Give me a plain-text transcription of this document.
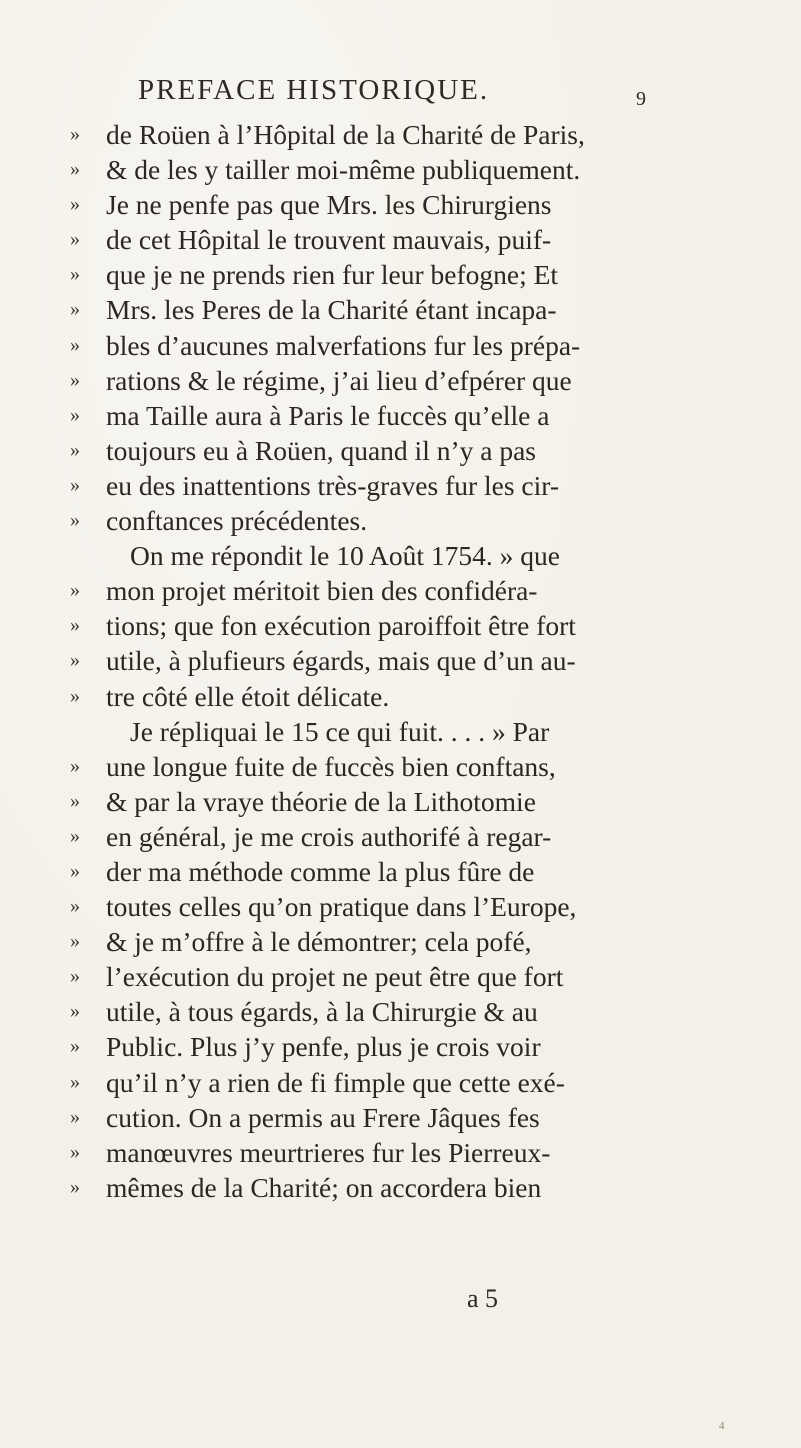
PREFACE HISTORIQUE.	9
» de Roüen à l’Hôpital de la Charité de Paris,
» & de les y tailler moi-même publiquement.
» Je ne penfe pas que Mrs. les Chirurgiens
» de cet Hôpital le trouvent mauvais, puif-
» que je ne prends rien fur leur befogne; Et
» Mrs. les Peres de la Charité étant incapa-
» bles d’aucunes malverfations fur les prépa-
» rations & le régime, j’ai lieu d’efpérer que
» ma Taille aura à Paris le fuccès qu’elle a
» toujours eu à Roüen, quand il n’y a pas
» eu des inattentions très-graves fur les cir-
» conftances précédentes.
On me répondit le 10 Août 1754. » que
» mon projet méritoit bien des confidéra-
» tions; que fon exécution paroiffoit être fort
» utile, à plufieurs égards, mais que d’un au-
» tre côté elle étoit délicate.
Je répliquai le 15 ce qui fuit. . . . » Par
» une longue fuite de fuccès bien conftans,
» & par la vraye théorie de la Lithotomie
» en général, je me crois authorifé à regar-
» der ma méthode comme la plus fûre de
» toutes celles qu’on pratique dans l’Europe,
» & je m’offre à le démontrer; cela pofé,
» l’exécution du projet ne peut être que fort
» utile, à tous égards, à la Chirurgie & au
» Public. Plus j’y penfe, plus je crois voir
» qu’il n’y a rien de fi fimple que cette exé-
» cution. On a permis au Frere Jâques fes
» manœuvres meurtrieres fur les Pierreux-
» mêmes de la Charité; on accordera bien
a 5
4
